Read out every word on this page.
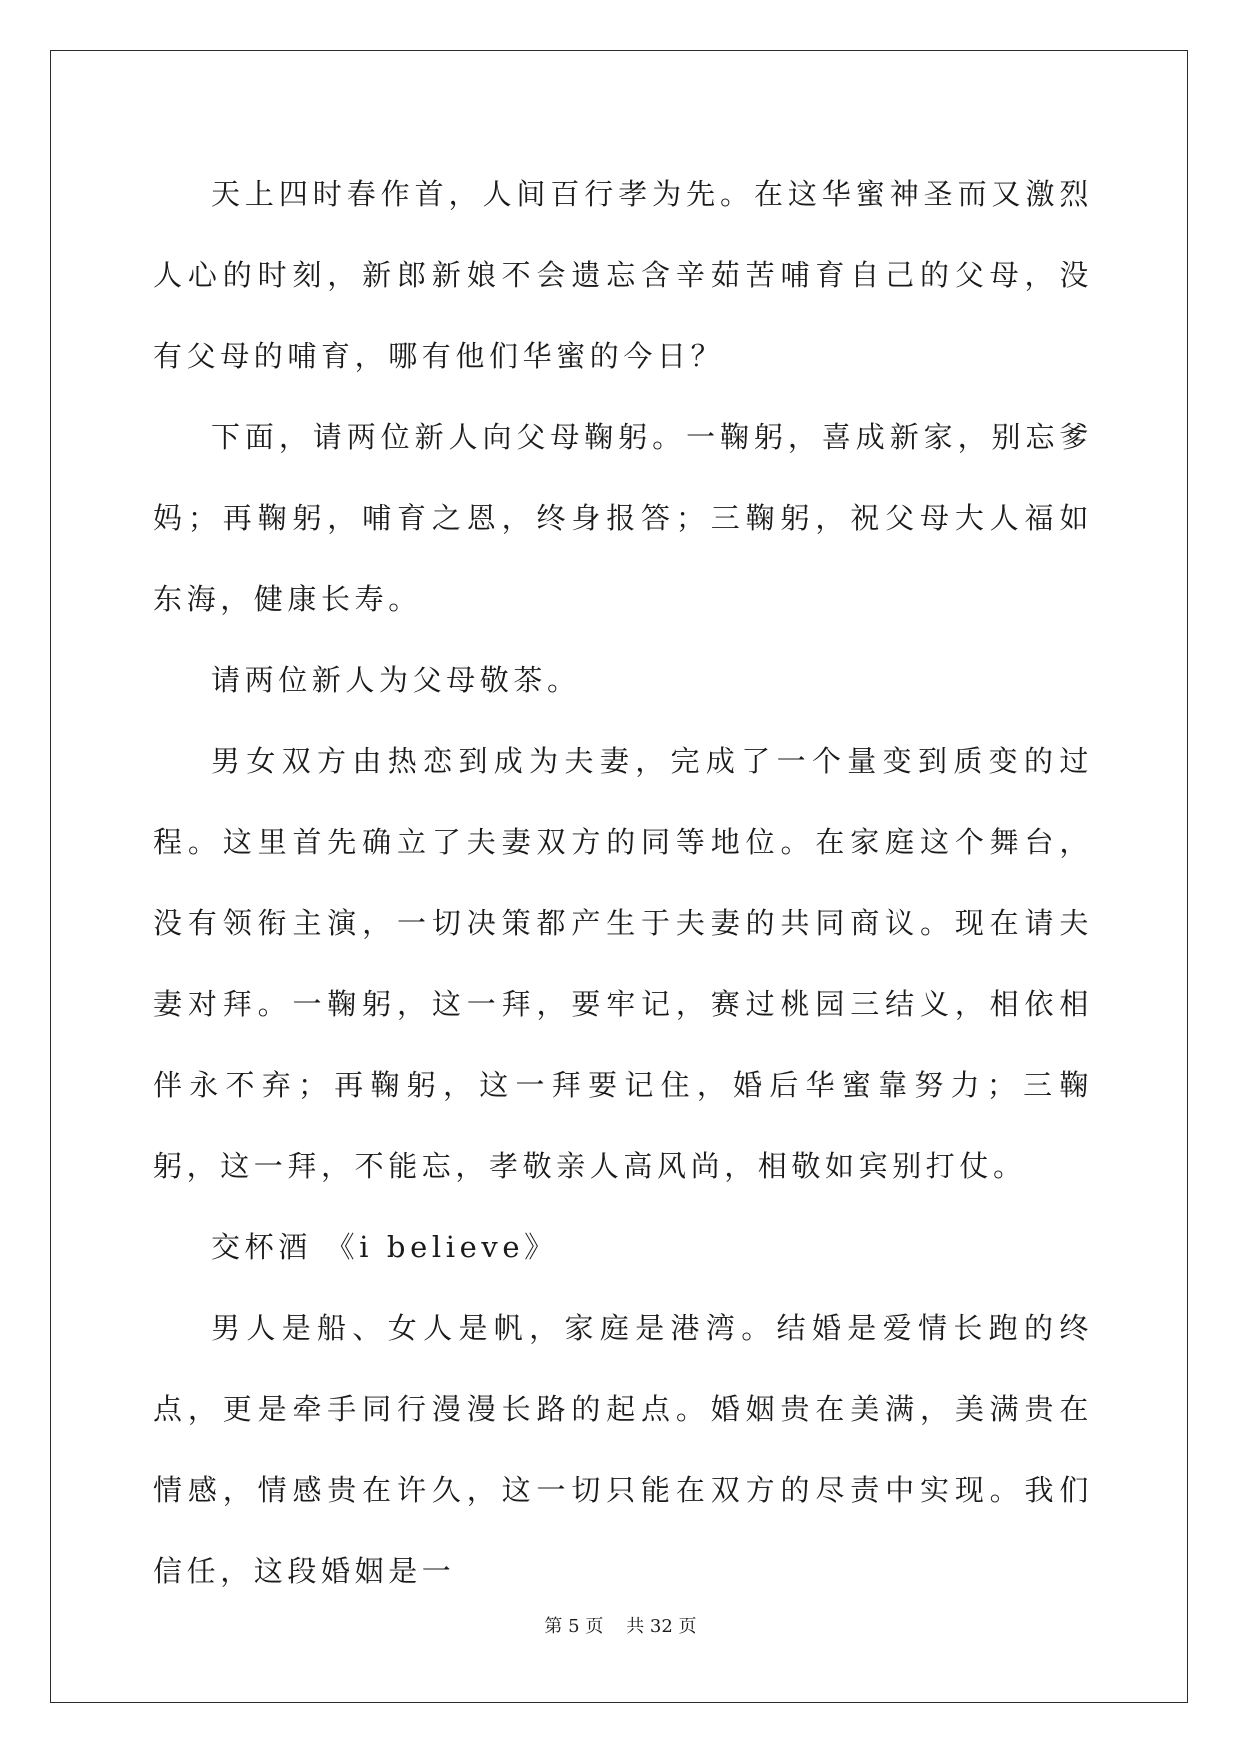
天上四时春作首，人间百行孝为先。在这华蜜神圣而又激烈人心的时刻，新郎新娘不会遗忘含辛茹苦哺育自己的父母，没有父母的哺育，哪有他们华蜜的今日？

下面，请两位新人向父母鞠躬。一鞠躬，喜成新家，别忘爹妈；再鞠躬，哺育之恩，终身报答；三鞠躬，祝父母大人福如东海，健康长寿。

请两位新人为父母敬茶。

男女双方由热恋到成为夫妻，完成了一个量变到质变的过程。这里首先确立了夫妻双方的同等地位。在家庭这个舞台，没有领衔主演，一切决策都产生于夫妻的共同商议。现在请夫妻对拜。一鞠躬，这一拜，要牢记，赛过桃园三结义，相依相伴永不弃；再鞠躬，这一拜要记住，婚后华蜜靠努力；三鞠躬，这一拜，不能忘，孝敬亲人高风尚，相敬如宾别打仗。

交杯酒 《i believe》

男人是船、女人是帆，家庭是港湾。结婚是爱情长跑的终点，更是牵手同行漫漫长路的起点。婚姻贵在美满，美满贵在情感，情感贵在许久，这一切只能在双方的尽责中实现。我们信任，这段婚姻是一

第 5 页    共 32 页
